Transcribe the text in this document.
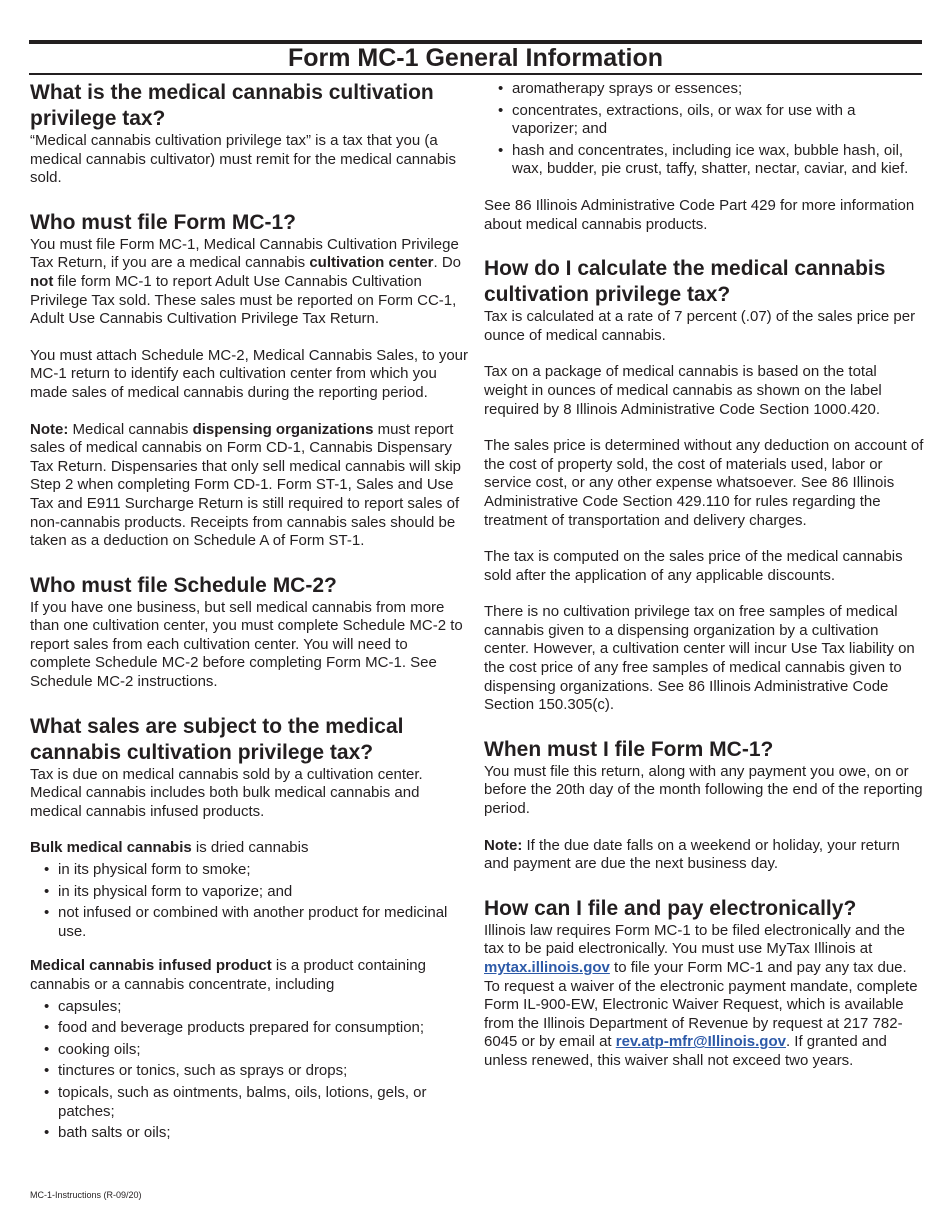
Form MC-1 General Information
What is the medical cannabis cultivation privilege tax?

“Medical cannabis cultivation privilege tax” is a tax that you (a medical cannabis cultivator) must remit for the medical cannabis sold.

Who must file Form MC-1?

You must file Form MC-1, Medical Cannabis Cultivation Privilege Tax Return, if you are a medical cannabis cultivation center. Do not file form MC-1 to report Adult Use Cannabis Cultivation Privilege Tax sold. These sales must be reported on Form CC-1, Adult Use Cannabis Cultivation Privilege Tax Return.

You must attach Schedule MC-2, Medical Cannabis Sales, to your MC-1 return to identify each cultivation center from which you made sales of medical cannabis during the reporting period.

Note: Medical cannabis dispensing organizations must report sales of medical cannabis on Form CD-1, Cannabis Dispensary Tax Return. Dispensaries that only sell medical cannabis will skip Step 2 when completing Form CD-1. Form ST-1, Sales and Use Tax and E911 Surcharge Return is still required to report sales of non-cannabis products. Receipts from cannabis sales should be taken as a deduction on Schedule A of Form ST-1.

Who must file Schedule MC-2?

If you have one business, but sell medical cannabis from more than one cultivation center, you must complete Schedule MC-2 to report sales from each cultivation center. You will need to complete Schedule MC-2 before completing Form MC-1. See Schedule MC-2 instructions.

What sales are subject to the medical cannabis cultivation privilege tax?

Tax is due on medical cannabis sold by a cultivation center. Medical cannabis includes both bulk medical cannabis and medical cannabis infused products.

Bulk medical cannabis is dried cannabis

• in its physical form to smoke;
• in its physical form to vaporize; and
• not infused or combined with another product for medicinal use.

Medical cannabis infused product is a product containing cannabis or a cannabis concentrate, including

• capsules;
• food and beverage products prepared for consumption;
• cooking oils;
• tinctures or tonics, such as sprays or drops;
• topicals, such as ointments, balms, oils, lotions, gels, or patches;
• bath salts or oils;
• aromatherapy sprays or essences;
• concentrates, extractions, oils, or wax for use with a vaporizer; and
• hash and concentrates, including ice wax, bubble hash, oil, wax, budder, pie crust, taffy, shatter, nectar, caviar, and kief.

See 86 Illinois Administrative Code Part 429 for more information about medical cannabis products.

How do I calculate the medical cannabis cultivation privilege tax?

Tax is calculated at a rate of 7 percent (.07) of the sales price per ounce of medical cannabis.

Tax on a package of medical cannabis is based on the total weight in ounces of medical cannabis as shown on the label required by 8 Illinois Administrative Code Section 1000.420.

The sales price is determined without any deduction on account of the cost of property sold, the cost of materials used, labor or service cost, or any other expense whatsoever. See 86 Illinois Administrative Code Section 429.110 for rules regarding the treatment of transportation and delivery charges.

The tax is computed on the sales price of the medical cannabis sold after the application of any applicable discounts.

There is no cultivation privilege tax on free samples of medical cannabis given to a dispensing organization by a cultivation center. However, a cultivation center will incur Use Tax liability on the cost price of any free samples of medical cannabis given to dispensing organizations. See 86 Illinois Administrative Code Section 150.305(c).

When must I file Form MC-1?

You must file this return, along with any payment you owe, on or before the 20th day of the month following the end of the reporting period.

Note: If the due date falls on a weekend or holiday, your return and payment are due the next business day.

How can I file and pay electronically?

Illinois law requires Form MC-1 to be filed electronically and the tax to be paid electronically. You must use MyTax Illinois at mytax.illinois.gov to file your Form MC-1 and pay any tax due. To request a waiver of the electronic payment mandate, complete Form IL-900-EW, Electronic Waiver Request, which is available from the Illinois Department of Revenue by request at 217 782-6045 or by email at rev.atp-mfr@Illinois.gov. If granted and unless renewed, this waiver shall not exceed two years.

MC-1-Instructions (R-09/20)
